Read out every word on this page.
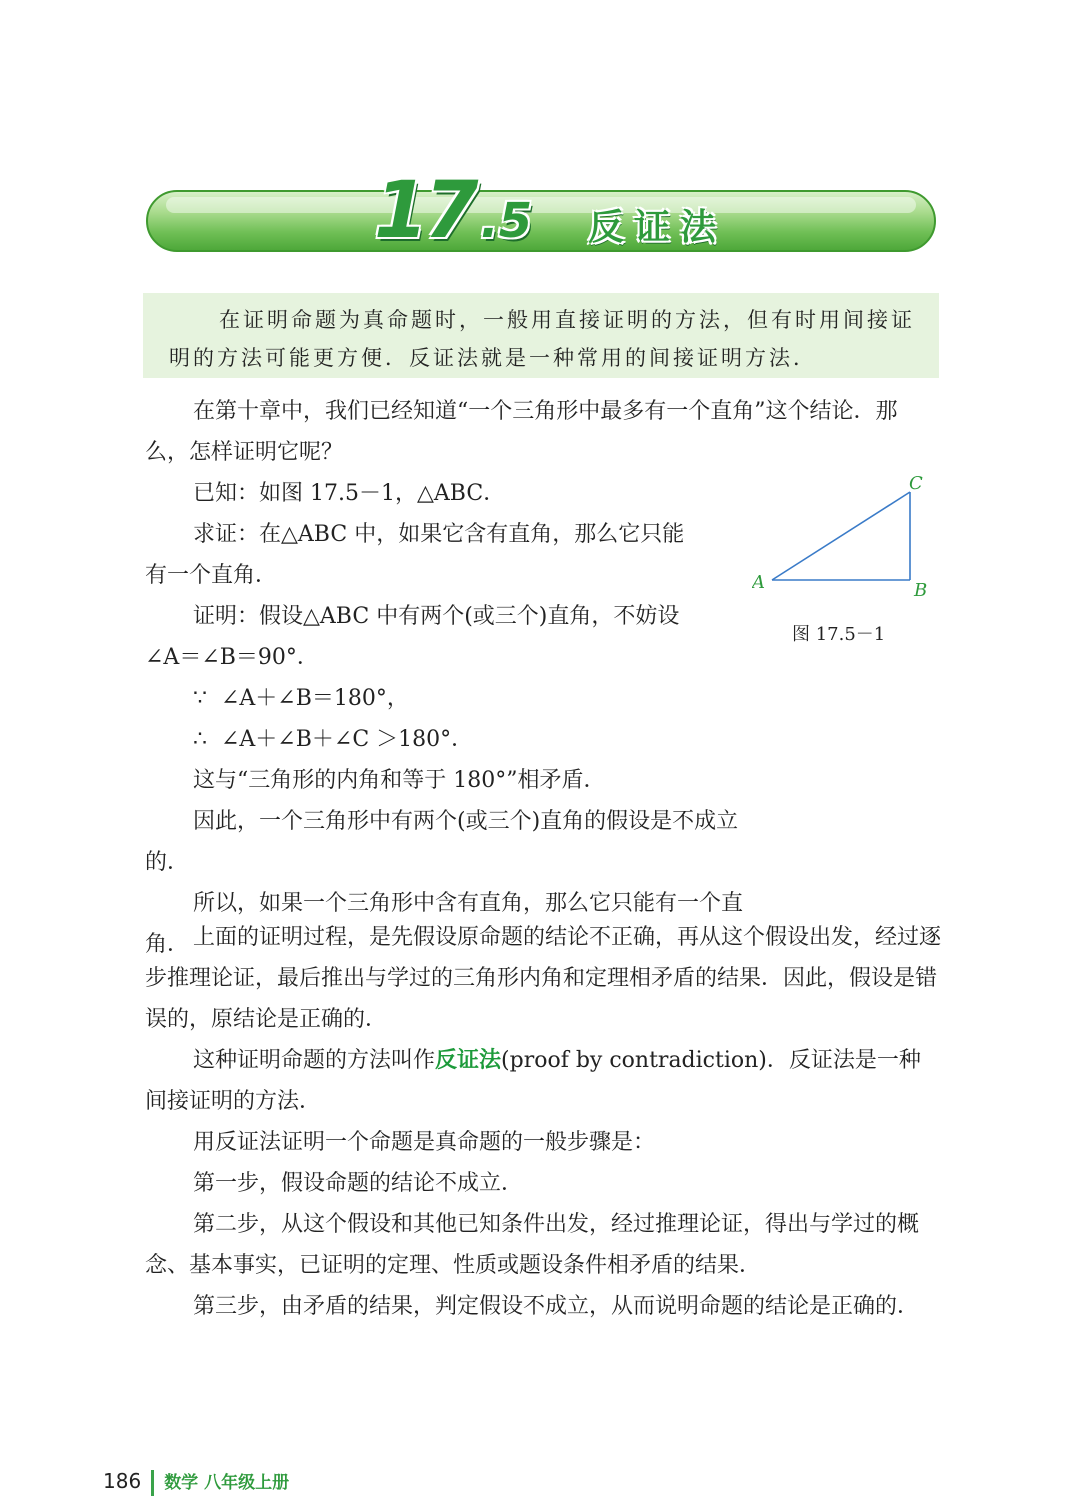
17 .5 反证法

在证明命题为真命题时，一般用直接证明的方法，但有时用间接证明的方法可能更方便．反证法就是一种常用的间接证明方法．

在第十章中，我们已经知道“一个三角形中最多有一个直角”这个结论．那么，怎样证明它呢？

已知：如图 17.5－1，△ABC．

求证：在△ABC 中，如果它含有直角，那么它只能

有一个直角．

证明：假设△ABC 中有两个(或三个)直角，不妨设

∠A＝∠B＝90°．

∵  ∠A＋∠B＝180°，

∴  ∠A＋∠B＋∠C ＞180°．

这与“三角形的内角和等于 180°”相矛盾．

因此，一个三角形中有两个(或三个)直角的假设是不成立的．

所以，如果一个三角形中含有直角，那么它只能有一个直角．

A	B
C
图 17.5－1

上面的证明过程，是先假设原命题的结论不正确，再从这个假设出发，经过逐步推理论证，最后推出与学过的三角形内角和定理相矛盾的结果．因此，假设是错误的，原结论是正确的．

这种证明命题的方法叫作反证法(proof by contradiction)．反证法是一种间接证明的方法．

用反证法证明一个命题是真命题的一般步骤是：

第一步，假设命题的结论不成立．

第二步，从这个假设和其他已知条件出发，经过推理论证，得出与学过的概念、基本事实，已证明的定理、性质或题设条件相矛盾的结果．

第三步，由矛盾的结果，判定假设不成立，从而说明命题的结论是正确的．

186 数学 八年级上册
